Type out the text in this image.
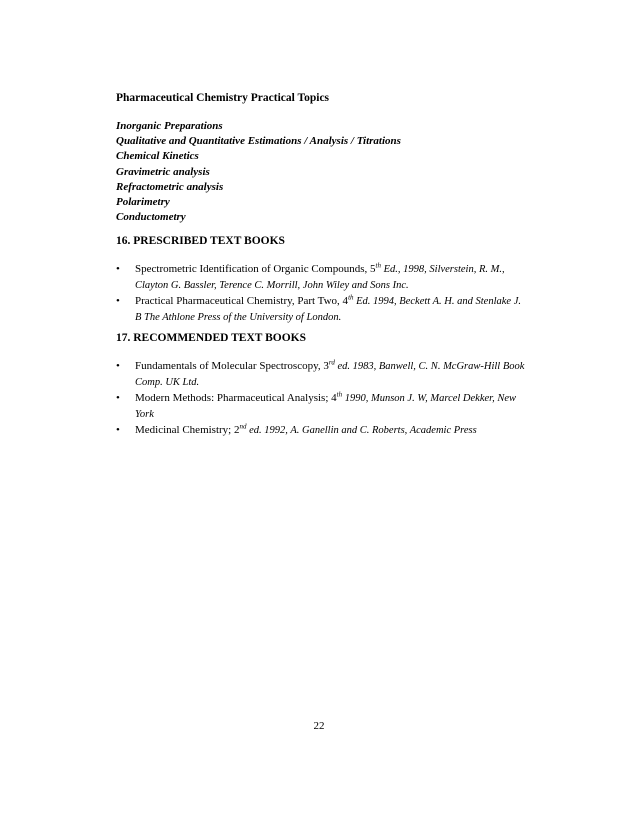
Pharmaceutical Chemistry Practical Topics
Inorganic Preparations
Qualitative and Quantitative Estimations / Analysis / Titrations
Chemical Kinetics
Gravimetric analysis
Refractometric analysis
Polarimetry
Conductometry
16. PRESCRIBED TEXT BOOKS
• Spectrometric Identification of Organic Compounds, 5th Ed., 1998, Silverstein, R. M., Clayton G. Bassler, Terence C. Morrill, John Wiley and Sons Inc.
• Practical Pharmaceutical Chemistry, Part Two, 4th Ed. 1994, Beckett A. H. and Stenlake J. B The Athlone Press of the University of London.
17. RECOMMENDED TEXT BOOKS
• Fundamentals of Molecular Spectroscopy, 3rd ed. 1983, Banwell, C. N. McGraw-Hill Book Comp. UK Ltd.
• Modern Methods: Pharmaceutical Analysis; 4th 1990, Munson J. W, Marcel Dekker, New York
• Medicinal Chemistry; 2nd ed. 1992, A. Ganellin and C. Roberts, Academic Press
22
